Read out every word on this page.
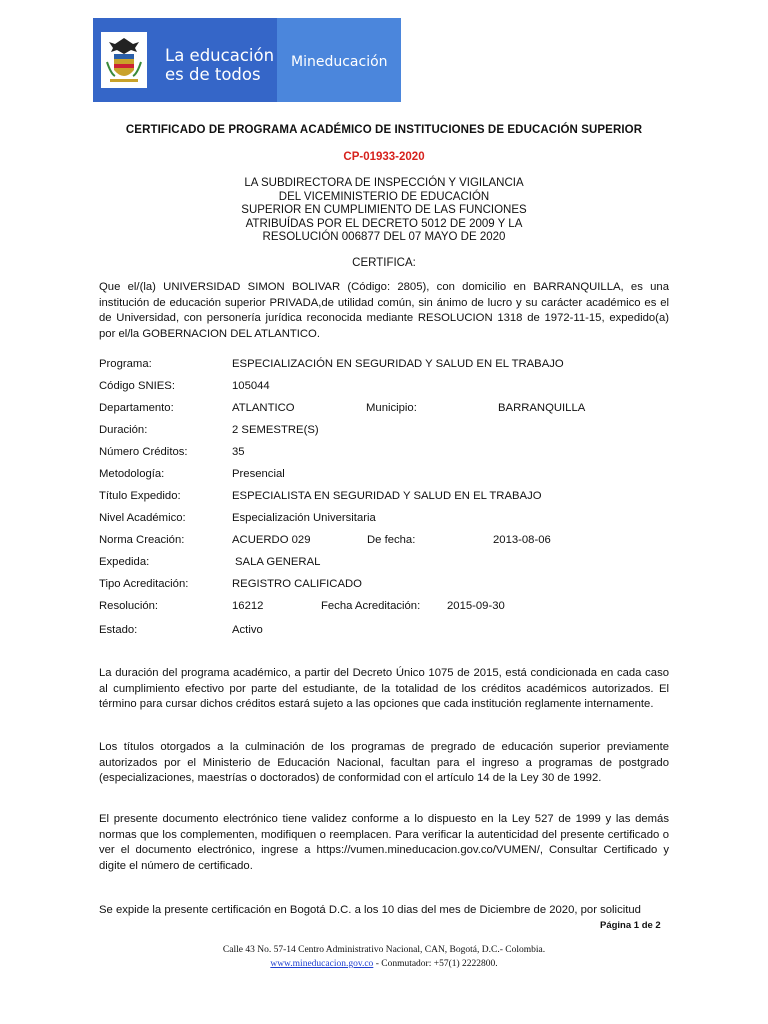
La educación
es de todos
Mineducación
CERTIFICADO DE PROGRAMA ACADÉMICO DE INSTITUCIONES DE EDUCACIÓN SUPERIOR
CP-01933-2020
LA SUBDIRECTORA DE INSPECCIÓN Y VIGILANCIA
DEL VICEMINISTERIO DE EDUCACIÓN
SUPERIOR EN CUMPLIMIENTO DE LAS FUNCIONES
ATRIBUÍDAS POR EL DECRETO 5012 DE 2009 Y LA
RESOLUCIÓN 006877 DEL 07 MAYO DE 2020
CERTIFICA:
Que el/(la) UNIVERSIDAD SIMON BOLIVAR (Código: 2805), con domicilio en BARRANQUILLA, es una institución de educación superior PRIVADA,de utilidad común, sin ánimo de lucro y su carácter académico es el de Universidad, con personería jurídica reconocida mediante RESOLUCION 1318 de 1972-11-15, expedido(a) por el/la GOBERNACION DEL ATLANTICO.
Programa:	ESPECIALIZACIÓN EN SEGURIDAD Y SALUD EN EL TRABAJO
Código SNIES:	105044
Departamento:	ATLANTICO	Municipio:	BARRANQUILLA
Duración:	2 SEMESTRE(S)
Número Créditos:	35
Metodología:	Presencial
Título Expedido:	ESPECIALISTA EN SEGURIDAD Y SALUD EN EL TRABAJO
Nivel Académico:	Especialización Universitaria
Norma Creación:	ACUERDO 029	De fecha:	2013-08-06
Expedida:	SALA GENERAL
Tipo Acreditación:	REGISTRO CALIFICADO
Resolución:	16212	Fecha Acreditación: 2015-09-30
Estado:	Activo
La duración del programa académico, a partir del Decreto Único 1075 de 2015, está condicionada en cada caso al cumplimiento efectivo por parte del estudiante, de la totalidad de los créditos académicos autorizados. El término para cursar dichos créditos estará sujeto a las opciones que cada institución reglamente internamente.
Los títulos otorgados a la culminación de los programas de pregrado de educación superior previamente autorizados por el Ministerio de Educación Nacional, facultan para el ingreso a programas de postgrado (especializaciones, maestrías o doctorados) de conformidad con el artículo 14 de la Ley 30 de 1992.
El presente documento electrónico tiene validez conforme a lo dispuesto en la Ley 527 de 1999 y las demás normas que los complementen, modifiquen o reemplacen. Para verificar la autenticidad del presente certificado o ver el documento electrónico, ingrese a https://vumen.mineducacion.gov.co/VUMEN/, Consultar Certificado y digite el número de certificado.
Se expide la presente certificación en Bogotá D.C. a los 10 dias del mes de Diciembre de 2020, por solicitud
Página 1 de 2
Calle 43 No. 57-14 Centro Administrativo Nacional, CAN, Bogotá, D.C.- Colombia.
www.mineducacion.gov.co - Conmutador: +57(1) 2222800.
